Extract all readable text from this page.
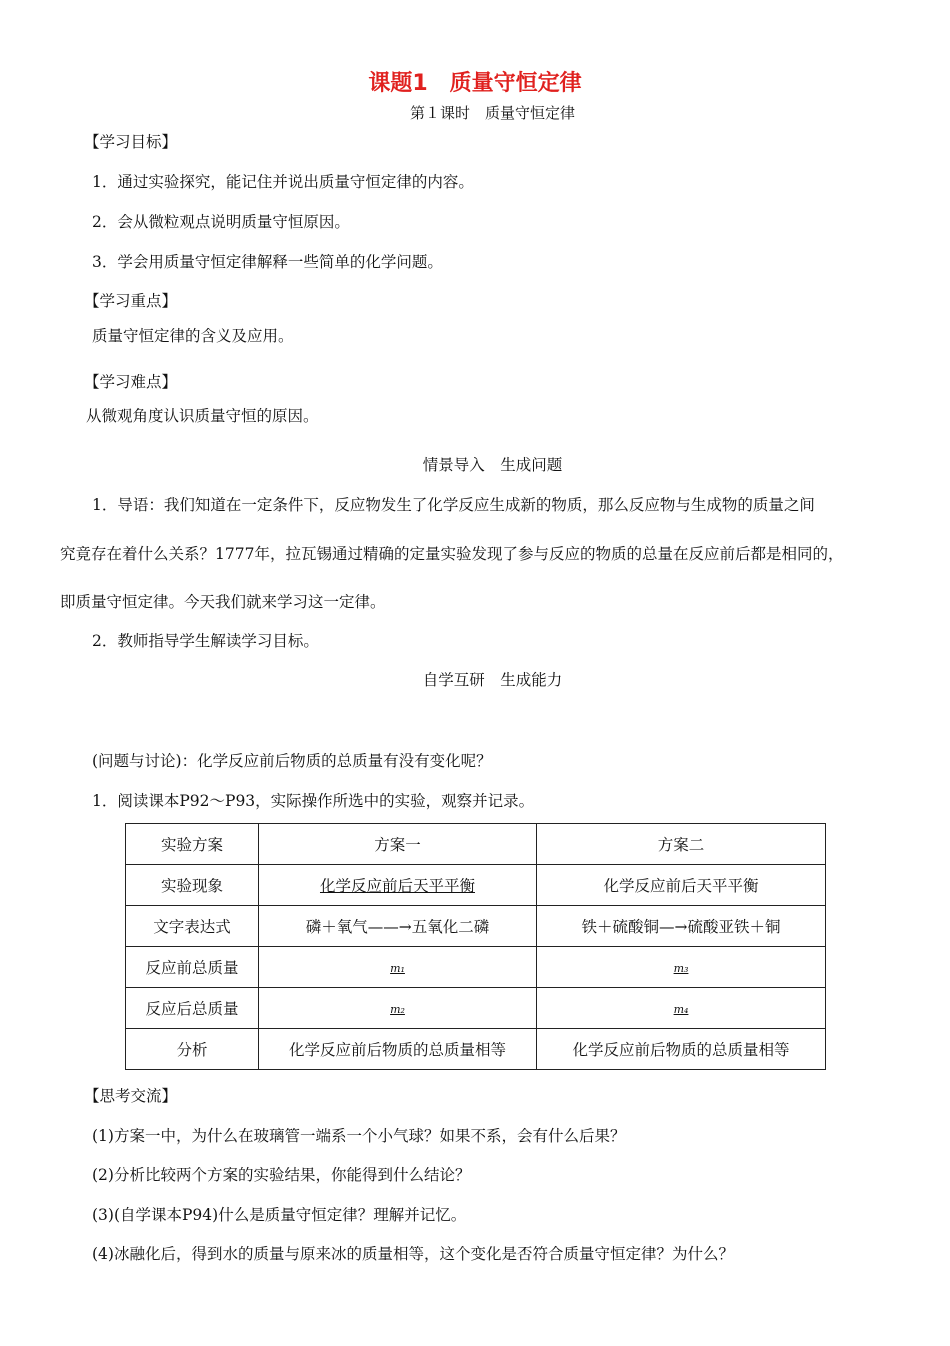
课题1　质量守恒定律
第１课时　质量守恒定律
【学习目标】
1．通过实验探究，能记住并说出质量守恒定律的内容。
2．会从微粒观点说明质量守恒原因。
3．学会用质量守恒定律解释一些简单的化学问题。
【学习重点】
质量守恒定律的含义及应用。
【学习难点】
从微观角度认识质量守恒的原因。
情景导入　生成问题
1．导语：我们知道在一定条件下，反应物发生了化学反应生成新的物质，那么反应物与生成物的质量之间
究竟存在着什么关系？1777年，拉瓦锡通过精确的定量实验发现了参与反应的物质的总量在反应前后都是相同的，
即质量守恒定律。今天我们就来学习这一定律。
2．教师指导学生解读学习目标。
自学互研　生成能力
(问题与讨论)：化学反应前后物质的总质量有没有变化呢？
1．阅读课本P92～P93，实际操作所选中的实验，观察并记录。
实验方案	方案一	方案二
实验现象	化学反应前后天平平衡	化学反应前后天平平衡
文字表达式	磷＋氧气——→五氧化二磷	铁＋硫酸铜—→硫酸亚铁＋铜
反应前总质量	m₁	m₃
反应后总质量	m₂	m₄
分析	化学反应前后物质的总质量相等	化学反应前后物质的总质量相等
【思考交流】
(1)方案一中，为什么在玻璃管一端系一个小气球？如果不系，会有什么后果？
(2)分析比较两个方案的实验结果，你能得到什么结论？
(3)(自学课本P94)什么是质量守恒定律？理解并记忆。
(4)冰融化后，得到水的质量与原来冰的质量相等，这个变化是否符合质量守恒定律？为什么？
